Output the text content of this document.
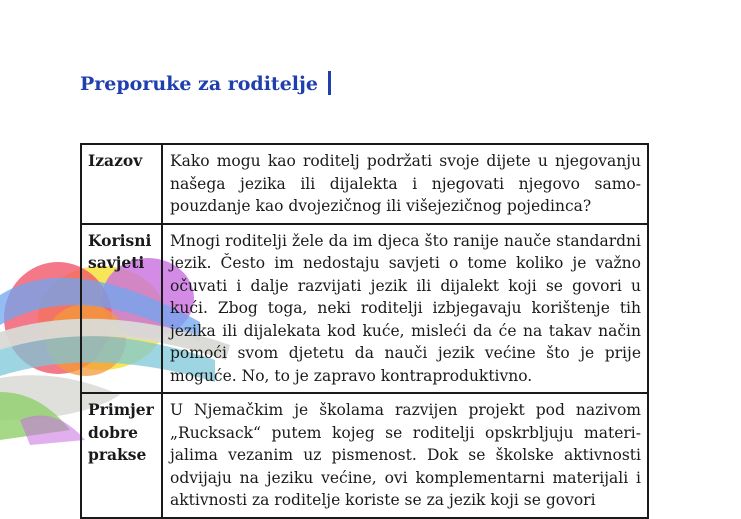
Preporuke za roditelje
Izazov	Kako mogu kao roditelj podržati svoje dijete u njegovanju našega jezika ili dijalekta i njegovati njegovo samopouzdanje kao dvojezičnog ili višejezičnog pojedinca?
Korisni savjeti	Mnogi roditelji žele da im djeca što ranije nauče standardni jezik. Često im nedostaju savjeti o tome koliko je važno očuvati i dalje razvijati jezik ili dijalekt koji se govori u kući. Zbog toga, neki roditelji izbjegavaju korištenje tih jezika ili dijalekata kod kuće, misleći da će na takav način pomoći svom djetetu da nauči jezik većine što je prije moguće. No, to je zapravo kontraproduktivno.
Primjer dobre prakse	U Njemačkim je školama razvijen projekt pod nazivom „Rucksack“ putem kojeg se roditelji opskrbljuju materijalima vezanim uz pismenost. Dok se školske aktivnosti odvijaju na jeziku većine, ovi komplementarni materijali i aktivnosti za roditelje koriste se za jezik koji se govori
